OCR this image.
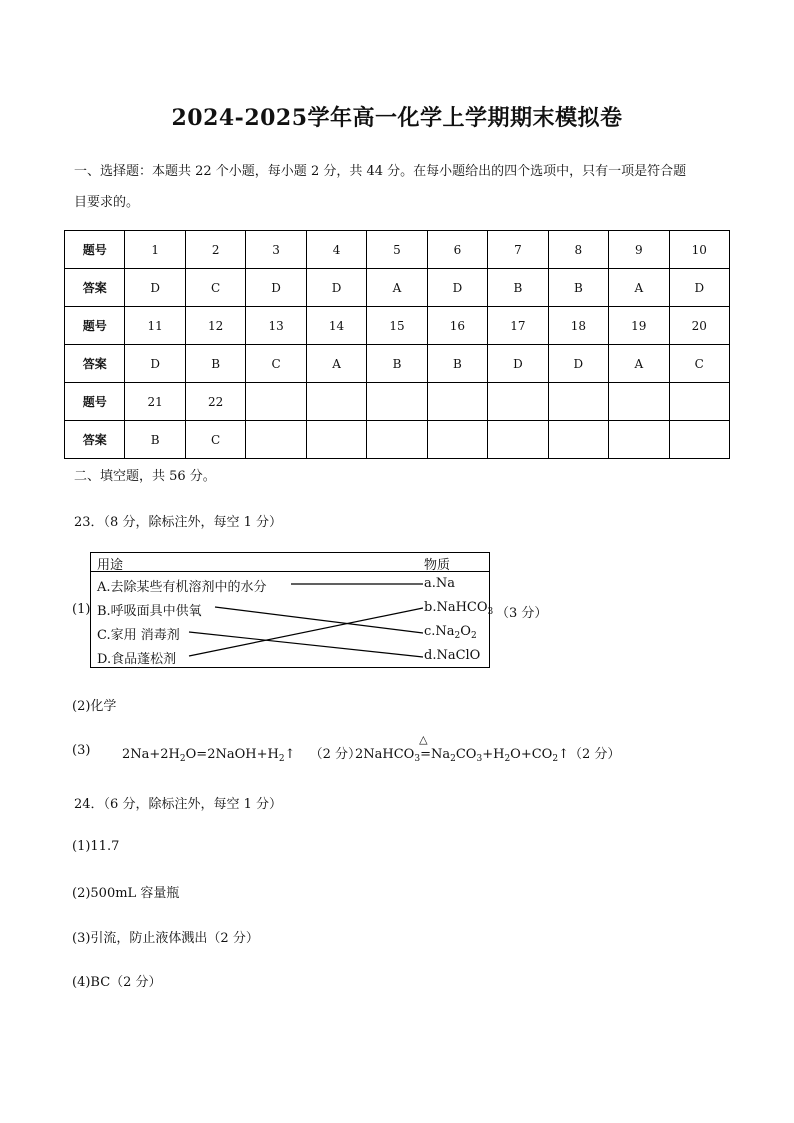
2024-2025学年高一化学上学期期末模拟卷
一、选择题：本题共 22 个小题，每小题 2 分，共 44 分。在每小题给出的四个选项中，只有一项是符合题
目要求的。
题号	1	2	3	4	5	6	7	8	9	10
答案	D	C	D	D	A	D	B	B	A	D
题号	11	12	13	14	15	16	17	18	19	20
答案	D	B	C	A	B	B	D	D	A	C
题号	21	22								
答案	B	C								
二、填空题，共 56 分。
23．（8 分，除标注外，每空 1 分）
(1)
用途	物质
A.去除某些有机溶剂中的水分
B.呼吸面具中供氧
C.家用 消毒剂
D.食品蓬松剂
a.Na
b.NaHCO$_3$
$c.Na_2O_2$
d.NaClO
（3 分）
(2)化学
(3) $2Na+2H_2O=2NaOH+H_2↑$ （2 分）
2NaHCO$_3$
△
$=Na_2CO_3+H_2O+CO_2↑(2$ 分）
24．（6 分，除标注外，每空 1 分）
(1)11.7
(2)500mL 容量瓶
(3)引流，防止液体溅出（2 分）
(4)BC（2 分）
